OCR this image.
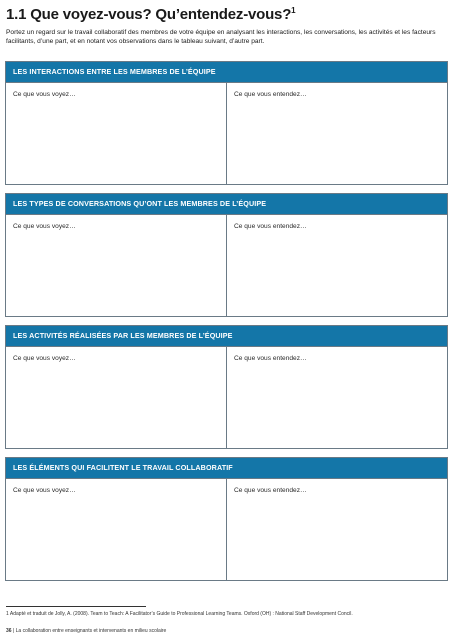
1.1 Que voyez-vous? Qu’entendez-vous?$^1$

Portez un regard sur le travail collaboratif des membres de votre équipe en analysant les interactions, les conversations, les activités et les facteurs facilitants, d’une part, et en notant vos observations dans le tableau suivant, d’autre part.

LES INTERACTIONS ENTRE LES MEMBRES DE L’ÉQUIPE
Ce que vous voyez…	Ce que vous entendez…
LES TYPES DE CONVERSATIONS QU’ONT LES MEMBRES DE L’ÉQUIPE
Ce que vous voyez…	Ce que vous entendez…
LES ACTIVITÉS RÉALISÉES PAR LES MEMBRES DE L’ÉQUIPE
Ce que vous voyez…	Ce que vous entendez…
LES ÉLÉMENTS QUI FACILITENT LE TRAVAIL COLLABORATIF
Ce que vous voyez…	Ce que vous entendez…
1 Adapté et traduit de Jolly, A. (2008). Team to Teach: A Facilitator’s Guide to Professional Learning Teams. Oxford (OH) : National Staff Development Concil.
36 | La collaboration entre enseignants et intervenants en milieu scolaire
